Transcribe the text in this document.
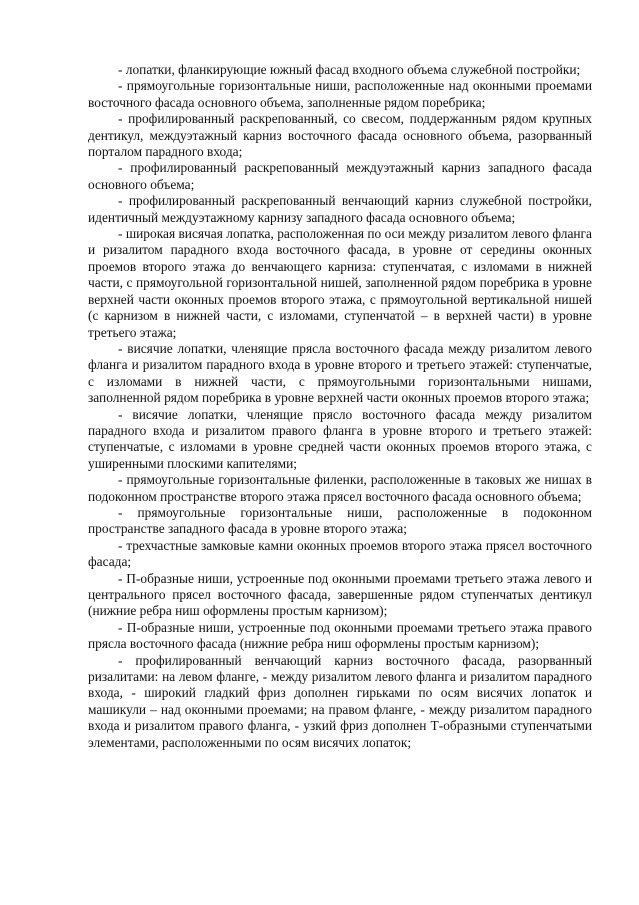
- лопатки, фланкирующие южный фасад входного объема служебной постройки;

- прямоугольные горизонтальные ниши, расположенные над оконными проемами восточного фасада основного объема, заполненные рядом поребрика;

- профилированный раскрепованный, со свесом, поддержанным рядом крупных дентикул, междуэтажный карниз восточного фасада основного объема, разорванный порталом парадного входа;

- профилированный раскрепованный междуэтажный карниз западного фасада основного объема;

- профилированный раскрепованный венчающий карниз служебной постройки, идентичный междуэтажному карнизу западного фасада основного объема;

- широкая висячая лопатка, расположенная по оси между ризалитом левого фланга и ризалитом парадного входа восточного фасада, в уровне от середины оконных проемов второго этажа до венчающего карниза: ступенчатая, с изломами в нижней части, с прямоугольной горизонтальной нишей, заполненной рядом поребрика в уровне верхней части оконных проемов второго этажа, с прямоугольной вертикальной нишей (с карнизом в нижней части, с изломами, ступенчатой – в верхней части) в уровне третьего этажа;

- висячие лопатки, членящие прясла восточного фасада между ризалитом левого фланга и ризалитом парадного входа в уровне второго и третьего этажей: ступенчатые, с изломами в нижней части, с прямоугольными горизонтальными нишами, заполненной рядом поребрика в уровне верхней части оконных проемов второго этажа;

- висячие лопатки, членящие прясло восточного фасада между ризалитом парадного входа и ризалитом правого фланга в уровне второго и третьего этажей: ступенчатые, с изломами в уровне средней части оконных проемов второго этажа, с уширенными плоскими капителями;

- прямоугольные горизонтальные филенки, расположенные в таковых же нишах в подоконном пространстве второго этажа прясел восточного фасада основного объема;

- прямоугольные горизонтальные ниши, расположенные в подоконном пространстве западного фасада в уровне второго этажа;

- трехчастные замковые камни оконных проемов второго этажа прясел восточного фасада;

- П-образные ниши, устроенные под оконными проемами третьего этажа левого и центрального прясел восточного фасада, завершенные рядом ступенчатых дентикул (нижние ребра ниш оформлены простым карнизом);

- П-образные ниши, устроенные под оконными проемами третьего этажа правого прясла восточного фасада (нижние ребра ниш оформлены простым карнизом);

- профилированный венчающий карниз восточного фасада, разорванный ризалитами: на левом фланге, - между ризалитом левого фланга и ризалитом парадного входа, - широкий гладкий фриз дополнен гирьками по осям висячих лопаток и машикули – над оконными проемами; на правом фланге, - между ризалитом парадного входа и ризалитом правого фланга, - узкий фриз дополнен Т-образными ступенчатыми элементами, расположенными по осям висячих лопаток;
